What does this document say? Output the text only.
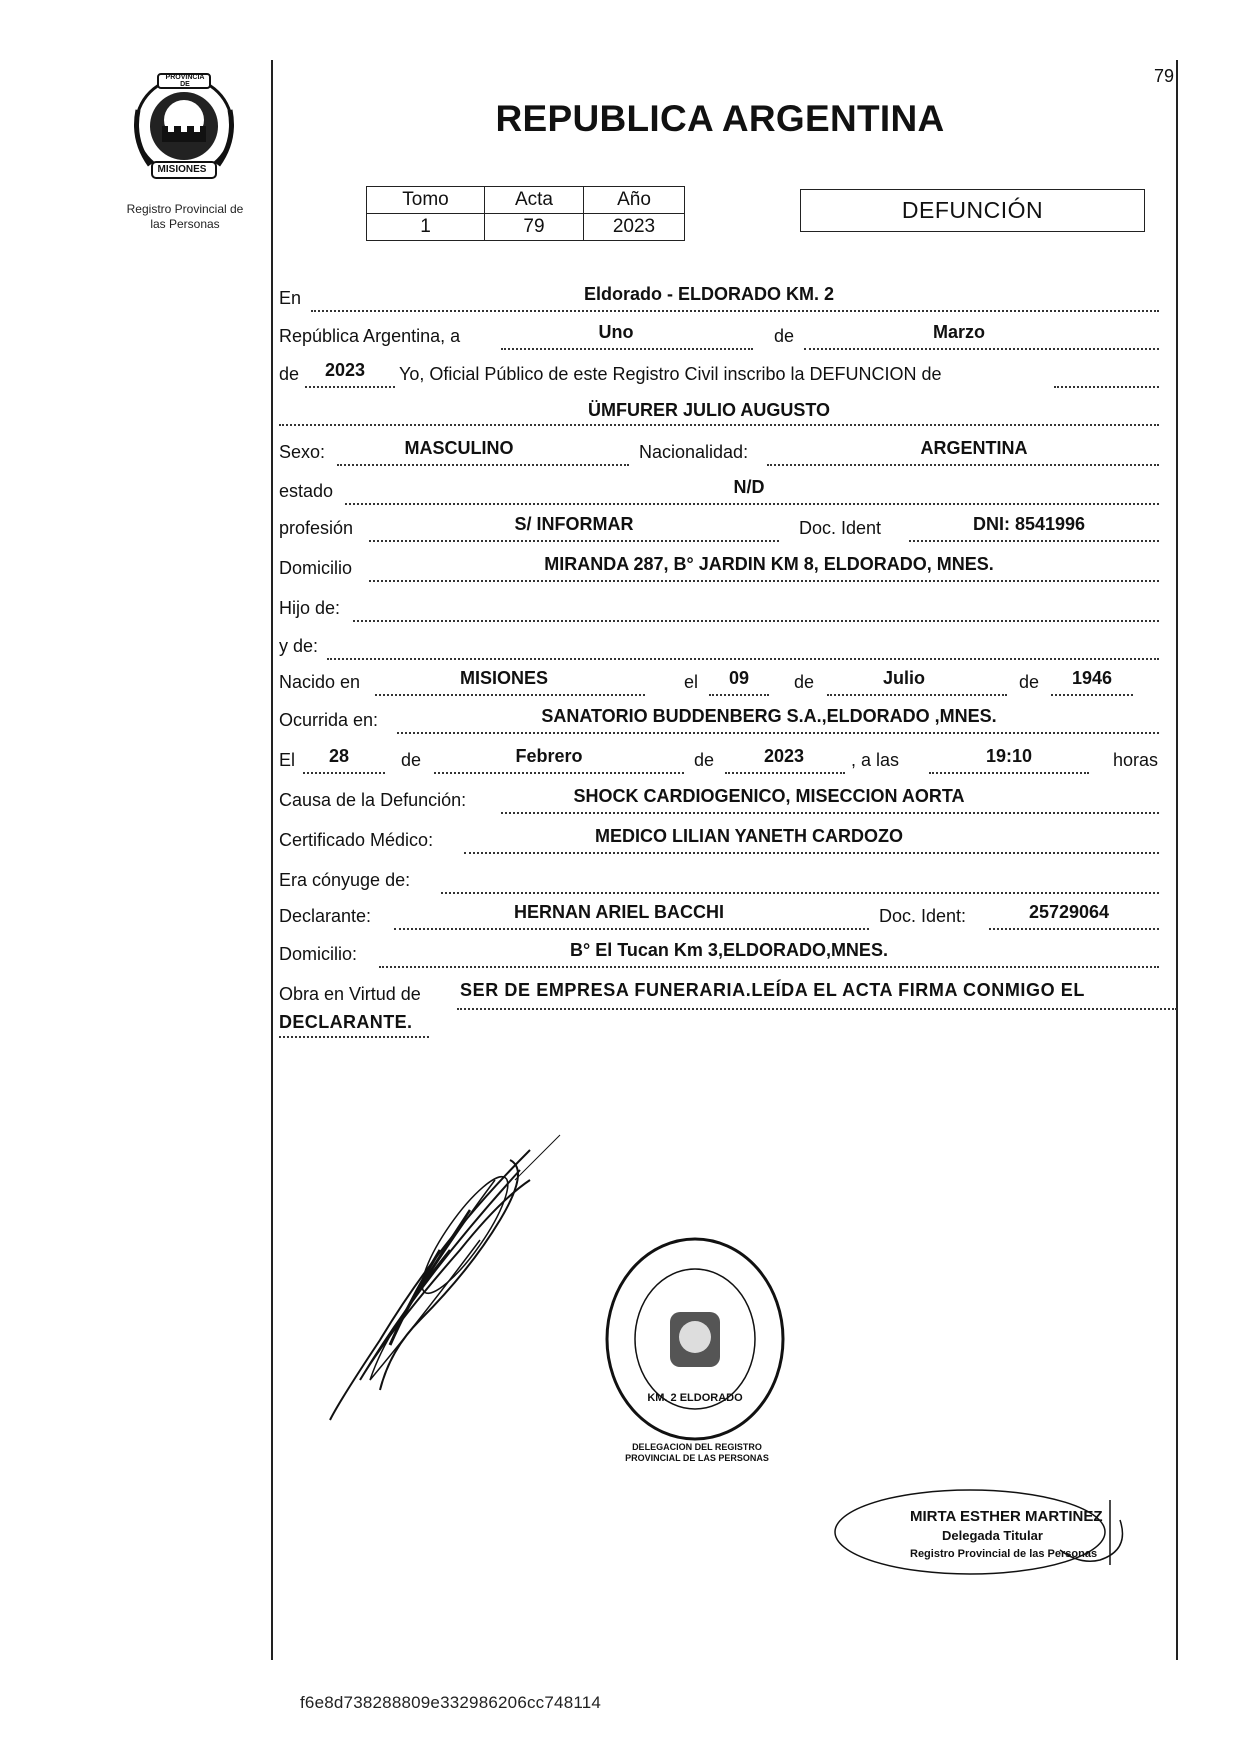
PROVINCIA DE
MISIONES
Registro Provincial de
las Personas
79
REPUBLICA ARGENTINA
Tomo	Acta	Año
1	79	2023
DEFUNCIÓN
En	Eldorado - ELDORADO KM. 2
República Argentina, a	Uno	de	Marzo
de	2023	Yo, Oficial Público de este Registro Civil inscribo la DEFUNCION de
ÜMFURER JULIO AUGUSTO
Sexo:	MASCULINO	Nacionalidad:	ARGENTINA
estado	N/D
profesión	S/ INFORMAR	Doc. Ident	DNI: 8541996
Domicilio	MIRANDA 287, B° JARDIN KM 8, ELDORADO, MNES.
Hijo de:
y de:
Nacido en	MISIONES	el	09	de	Julio	de	1946
Ocurrida en:	SANATORIO BUDDENBERG S.A.,ELDORADO ,MNES.
El	28	de	Febrero	de	2023	, a las	19:10	horas
Causa de la Defunción:	SHOCK CARDIOGENICO, MISECCION AORTA
Certificado Médico:	MEDICO LILIAN YANETH CARDOZO
Era cónyuge de:
Declarante:	HERNAN ARIEL BACCHI	Doc. Ident:	25729064
Domicilio:	B° El Tucan Km 3,ELDORADO,MNES.
Obra en Virtud de SER DE EMPRESA FUNERARIA.LEÍDA EL ACTA FIRMA CONMIGO EL
DECLARANTE.
DELEGACION DEL REGISTRO PROVINCIAL DE LAS PERSONAS
KM. 2 ELDORADO
MIRTA ESTHER MARTINEZ
Delegada Titular
Registro Provincial de las Personas
f6e8d738288809e332986206cc748114
